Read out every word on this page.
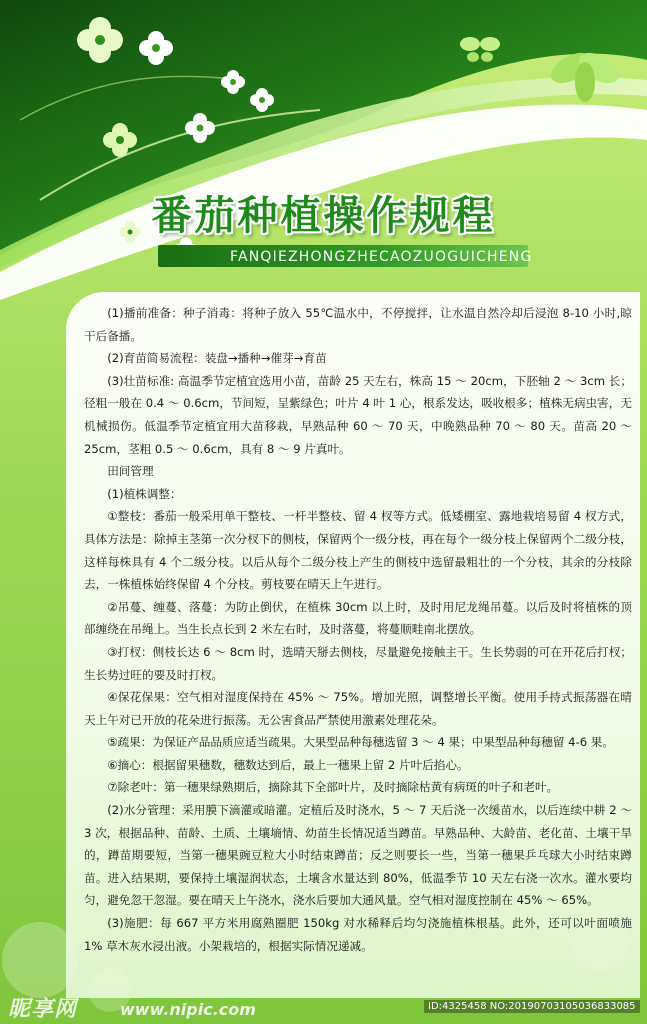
番茄种植操作规程
FANQIEZHONGZHECAOZUOGUICHENG

(1)播前准备：种子消毒：将种子放入 55℃温水中，不停搅拌，让水温自然冷却后浸泡 8-10 小时,晾干后备播。

(2)育苗简易流程：装盘→播种→催芽→育苗

(3)壮苗标准: 高温季节定植宜选用小苗，苗龄 25 天左右，株高 15 ～ 20cm，下胚轴 2 ～ 3cm 长；径粗一般在 0.4 ～ 0.6cm，节间短，呈紫绿色；叶片 4 叶 1 心，根系发达，吸收根多；植株无病虫害，无机械损伤。低温季节定植宜用大苗移栽，早熟品种 60 ～ 70 天，中晚熟品种 70 ～ 80 天。苗高 20 ～ 25cm，茎粗 0.5 ～ 0.6cm，具有 8 ～ 9 片真叶。

田间管理

(1)植株调整：

①整枝：番茄一般采用单干整枝、一杆半整枝、留 4 杈等方式。低矮棚室、露地栽培易留 4 杈方式，具体方法是：除掉主茎第一次分杈下的侧枝，保留两个一级分枝，再在每个一级分枝上保留两个二级分枝，这样每株具有 4 个二级分枝。以后从每个二级分枝上产生的侧枝中选留最粗壮的一个分枝，其余的分枝除去，一株植株始终保留 4 个分枝。剪枝要在晴天上午进行。

②吊蔓、缠蔓、落蔓：为防止倒伏，在植株 30cm 以上时，及时用尼龙绳吊蔓。以后及时将植株的顶部缠绕在吊绳上。当生长点长到 2 米左右时，及时落蔓，将蔓顺畦南北摆放。

③打杈：侧枝长达 6 ～ 8cm 时，选晴天掰去侧枝，尽量避免接触主干。生长势弱的可在开花后打杈；生长势过旺的要及时打杈。

④保花保果：空气相对湿度保持在 45% ～ 75%。增加光照，调整增长平衡。使用手持式振荡器在晴天上午对已开放的花朵进行振荡。无公害食品严禁使用激素处理花朵。

⑤疏果：为保证产品品质应适当疏果。大果型品种每穗选留 3 ～ 4 果；中果型品种每穗留 4-6 果。

⑥摘心：根据留果穗数，穗数达到后，最上一穗果上留 2 片叶后掐心。

⑦除老叶：第一穗果绿熟期后，摘除其下全部叶片，及时摘除枯黄有病斑的叶子和老叶。

(2)水分管理：采用膜下滴灌或暗灌。定植后及时浇水，5 ～ 7 天后浇一次缓苗水，以后连续中耕 2 ～ 3 次，根据品种、苗龄、土质、土壤墒情、幼苗生长情况适当蹲苗。早熟品种、大龄苗、老化苗、土壤干旱的，蹲苗期要短，当第一穗果豌豆粒大小时结束蹲苗；反之则要长一些，当第一穗果乒乓球大小时结束蹲苗。进入结果期，要保持土壤湿润状态，土壤含水量达到 80%，低温季节 10 天左右浇一次水。灌水要均匀，避免忽干忽湿。要在晴天上午浇水，浇水后要加大通风量。空气相对湿度控制在 45% ～ 65%。

(3)施肥：每 667 平方米用腐熟圈肥 150kg 对水稀释后均匀浇施植株根基。此外，还可以叶面喷施 1% 草木灰水浸出液。小架栽培的，根据实际情况递减。

昵享网	www.nipic.com	ID:4325458 NO:20190703105036833085
